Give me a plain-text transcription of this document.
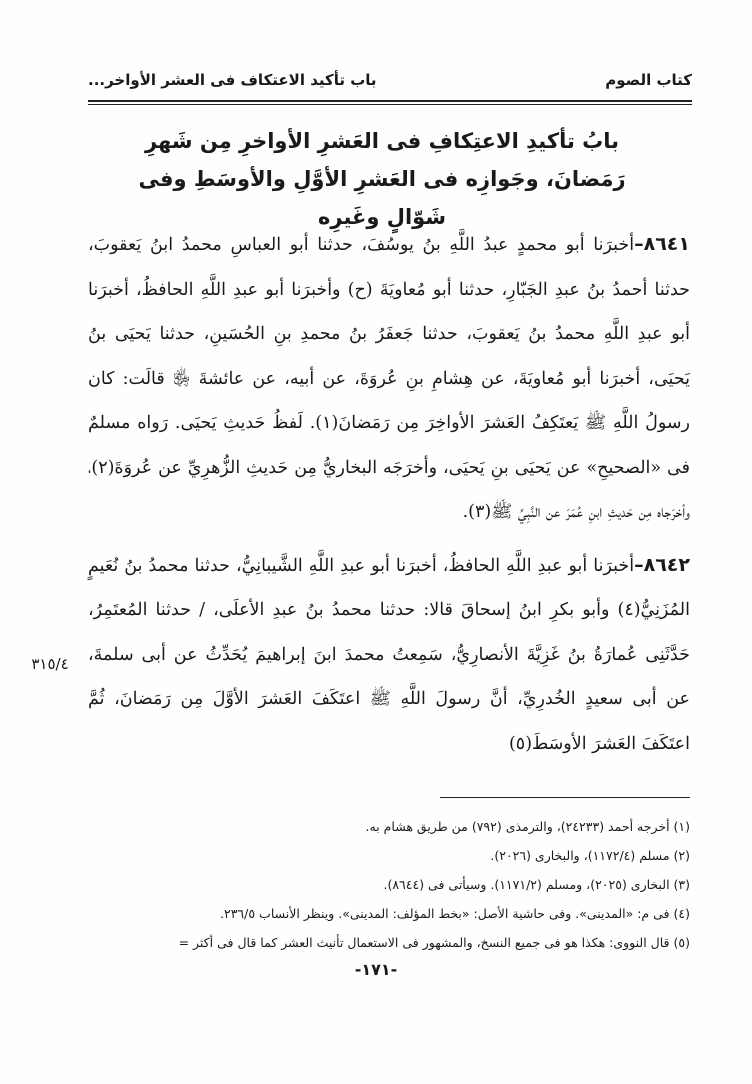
كتاب الصوم
باب تأكيد الاعتكاف فى العشر الأواخر...
بابُ تأكيدِ الاعتِكافِ فى العَشرِ الأواخرِ مِن شَهرِ
رَمَضانَ، وجَوازِه فى العَشرِ الأوَّلِ والأوسَطِ وفى شَوّالٍ وغَيرِه

٨٦٤١–أخبرَنا أبو محمدٍ عبدُ اللَّهِ بنُ يوسُفَ، حدثنا أبو العباسِ محمدُ ابنُ يَعقوبَ، حدثنا أحمدُ بنُ عبدِ الجَبّارِ، حدثنا أبو مُعاويَةَ (ح) وأخبرَنا أبو عبدِ اللَّهِ الحافظُ، أخبرَنا أبو عبدِ اللَّهِ محمدُ بنُ يَعقوبَ، حدثنا جَعفَرُ بنُ محمدِ بنِ الحُسَينِ، حدثنا يَحيَى بنُ يَحيَى، أخبرَنا أبو مُعاويَةَ، عن هِشامِ بنِ عُروَةَ، عن أبيه، عن عائشةَ ﵂ قالَت: كان رسولُ اللَّهِ ﷺ يَعتَكِفُ العَشرَ الأواخِرَ مِن رَمَضانَ(١). لَفظُ حَديثِ يَحيَى. رَواه مسلمٌ فى «الصحيحِ» عن يَحيَى بنِ يَحيَى، وأخرَجَه البخاريُّ مِن حَديثِ الزُّهرِيِّ عن عُروَةَ(٢)، وأخرَجاه مِن حَديثِ ابنِ عُمَرَ عن النَّبِيِّ ﷺ(٣).

٨٦٤٢–أخبرَنا أبو عبدِ اللَّهِ الحافظُ، أخبرَنا أبو عبدِ اللَّهِ الشَّيبانِيُّ، حدثنا محمدُ بنُ نُعَيمٍ المُزَنِيُّ(٤) وأبو بكرِ ابنُ إسحاقَ قالا: حدثنا محمدُ بنُ عبدِ الأعلَى، / حدثنا المُعتَمِرُ، حَدَّثَنِى عُمارَةُ بنُ غَزِيَّةَ الأنصارِيُّ، سَمِعتُ محمدَ ابنَ إبراهيمَ يُحَدِّثُ عن أبى سلمةَ، عن أبى سعيدٍ الخُدرِيِّ، أنَّ رسولَ اللَّهِ ﷺ اعتَكَفَ العَشرَ الأوَّلَ مِن رَمَضانَ، ثُمَّ اعتَكَفَ العَشرَ الأوسَطَ(٥)

٣١٥/٤
(١) أخرجه أحمد (٢٤٢٣٣)، والترمذى (٧٩٢) من طريق هشام به.
(٢) مسلم (١١٧٢/٤)، والبخارى (٢٠٢٦).
(٣) البخارى (٢٠٢٥)، ومسلم (١١٧١/٢). وسيأتى فى (٨٦٤٤).
(٤) فى م: «المدينى». وفى حاشية الأصل: «بخط المؤلف: المدينى». وينظر الأنساب ٢٣٦/٥.
(٥) قال النووى: هكذا هو فى جميع النسخ، والمشهور فى الاستعمال تأنيث العشر كما قال فى أكثر =
-١٧١-
